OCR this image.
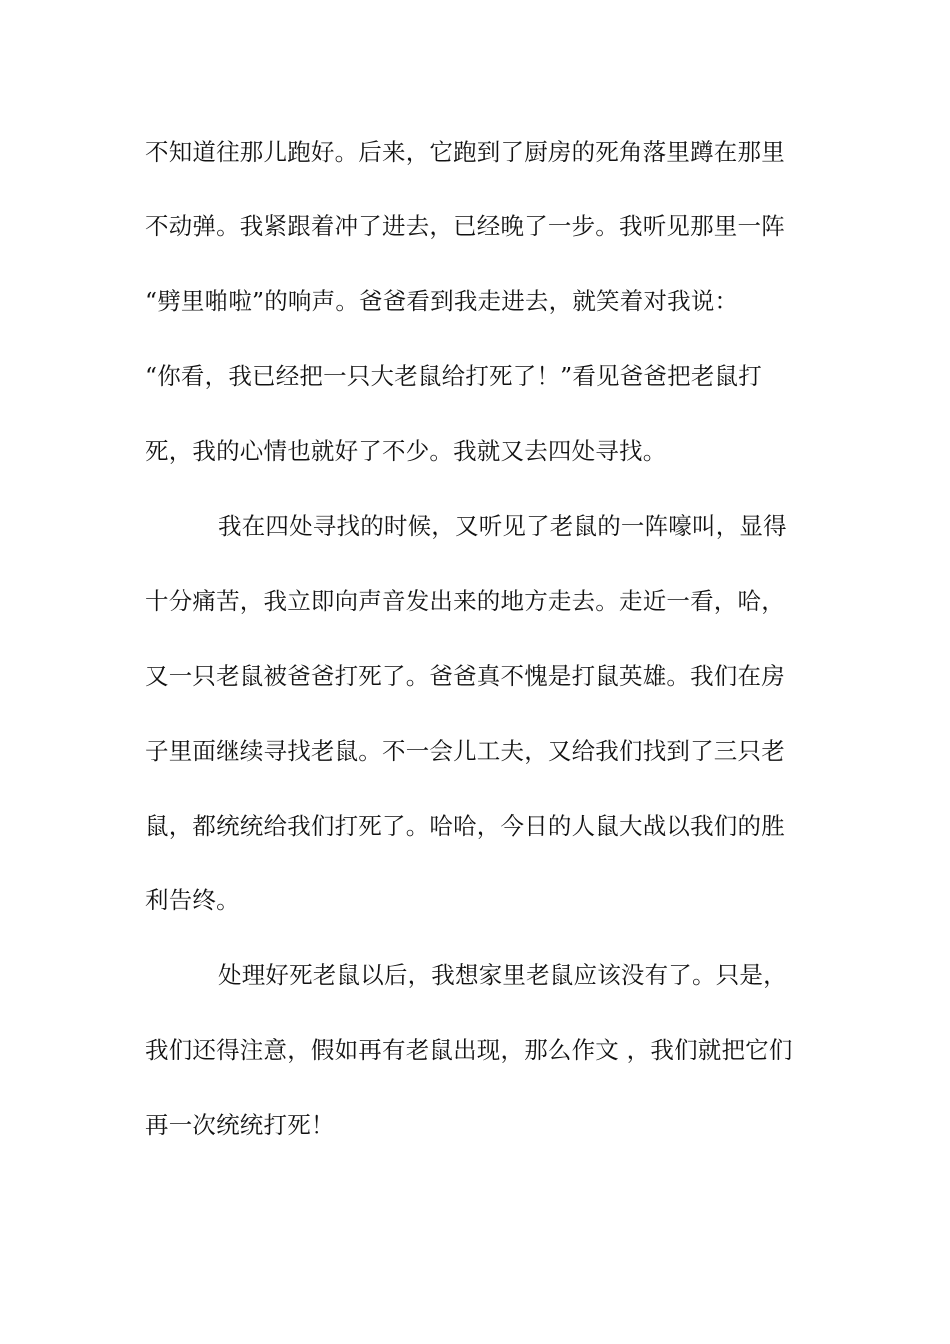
不知道往那儿跑好。后来，它跑到了厨房的死角落里蹲在那里
不动弹。我紧跟着冲了进去，已经晚了一步。我听见那里一阵
“劈里啪啦”的响声。爸爸看到我走进去，就笑着对我说：
“你看，我已经把一只大老鼠给打死了！”看见爸爸把老鼠打
死，我的心情也就好了不少。我就又去四处寻找。
我在四处寻找的时候，又听见了老鼠的一阵嚎叫，显得
十分痛苦，我立即向声音发出来的地方走去。走近一看，哈，
又一只老鼠被爸爸打死了。爸爸真不愧是打鼠英雄。我们在房
子里面继续寻找老鼠。不一会儿工夫，又给我们找到了三只老
鼠，都统统给我们打死了。哈哈，今日的人鼠大战以我们的胜
利告终。
处理好死老鼠以后，我想家里老鼠应该没有了。只是，
我们还得注意，假如再有老鼠出现，那么作文 ，我们就把它们
再一次统统打死！
